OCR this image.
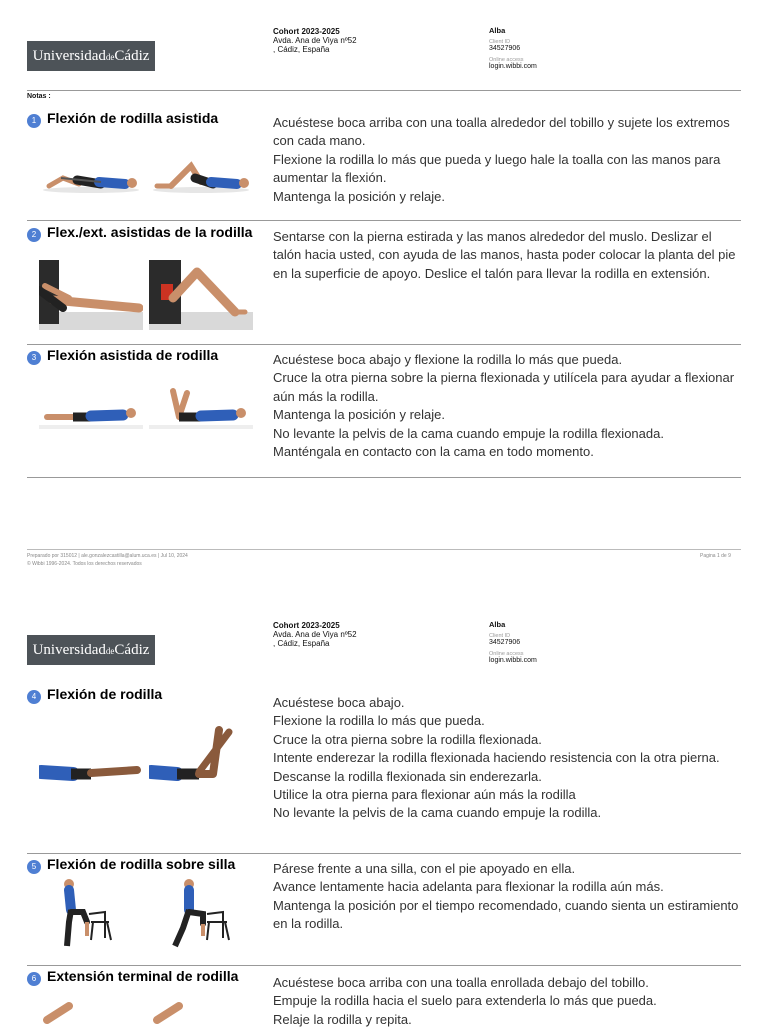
UniversidaddeCádiz
Cohort 2023-2025
Avda. Ana de Viya nº52
, Cádiz, España
Alba
Client ID
34527906
Online access
login.wibbi.com
Notas :
1 Flexión de rodilla asistida	Acuéstese boca arriba con una toalla alrededor del tobillo y sujete los extremos con cada mano.
Flexione la rodilla lo más que pueda y luego hale la toalla con las manos para aumentar la flexión.
Mantenga la posición y relaje.
2 Flex./ext. asistidas de la rodilla	Sentarse con la pierna estirada y las manos alrededor del muslo. Deslizar el talón hacia usted, con ayuda de las manos, hasta poder colocar la planta del pie en la superficie de apoyo. Deslice el talón para llevar la rodilla en extensión.
3 Flexión asistida de rodilla	Acuéstese boca abajo y flexione la rodilla lo más que pueda.
Cruce la otra pierna sobre la pierna flexionada y utilícela para ayudar a flexionar aún más la rodilla.
Mantenga la posición y relaje.
No levante la pelvis de la cama cuando empuje la rodilla flexionada.
Manténgala en contacto con la cama en todo momento.
Preparado por 315012 | ale.gonzalezcastilla@alum.uca.es | Jul 10, 2024
© Wibbi 1996-2024. Todos los derechos reservados
Pagina 1 de 9
UniversidaddeCádiz
Cohort 2023-2025
Avda. Ana de Viya nº52
, Cádiz, España
Alba
Client ID
34527906
Online access
login.wibbi.com
4 Flexión de rodilla
Acuéstese boca abajo.
Flexione la rodilla lo más que pueda.
Cruce la otra pierna sobre la rodilla flexionada.
Intente enderezar la rodilla flexionada haciendo resistencia con la otra pierna.
Descanse la rodilla flexionada sin enderezarla.
Utilice la otra pierna para flexionar aún más la rodilla
No levante la pelvis de la cama cuando empuje la rodilla.
5 Flexión de rodilla sobre silla	Párese frente a una silla, con el pie apoyado en ella.
Avance lentamente hacia adelanta para flexionar la rodilla aún más.
Mantenga la posición por el tiempo recomendado, cuando sienta un estiramiento en la rodilla.
6 Extensión terminal de rodilla	Acuéstese boca arriba con una toalla enrollada debajo del tobillo.
Empuje la rodilla hacia el suelo para extenderla lo más que pueda.
Relaje la rodilla y repita.
